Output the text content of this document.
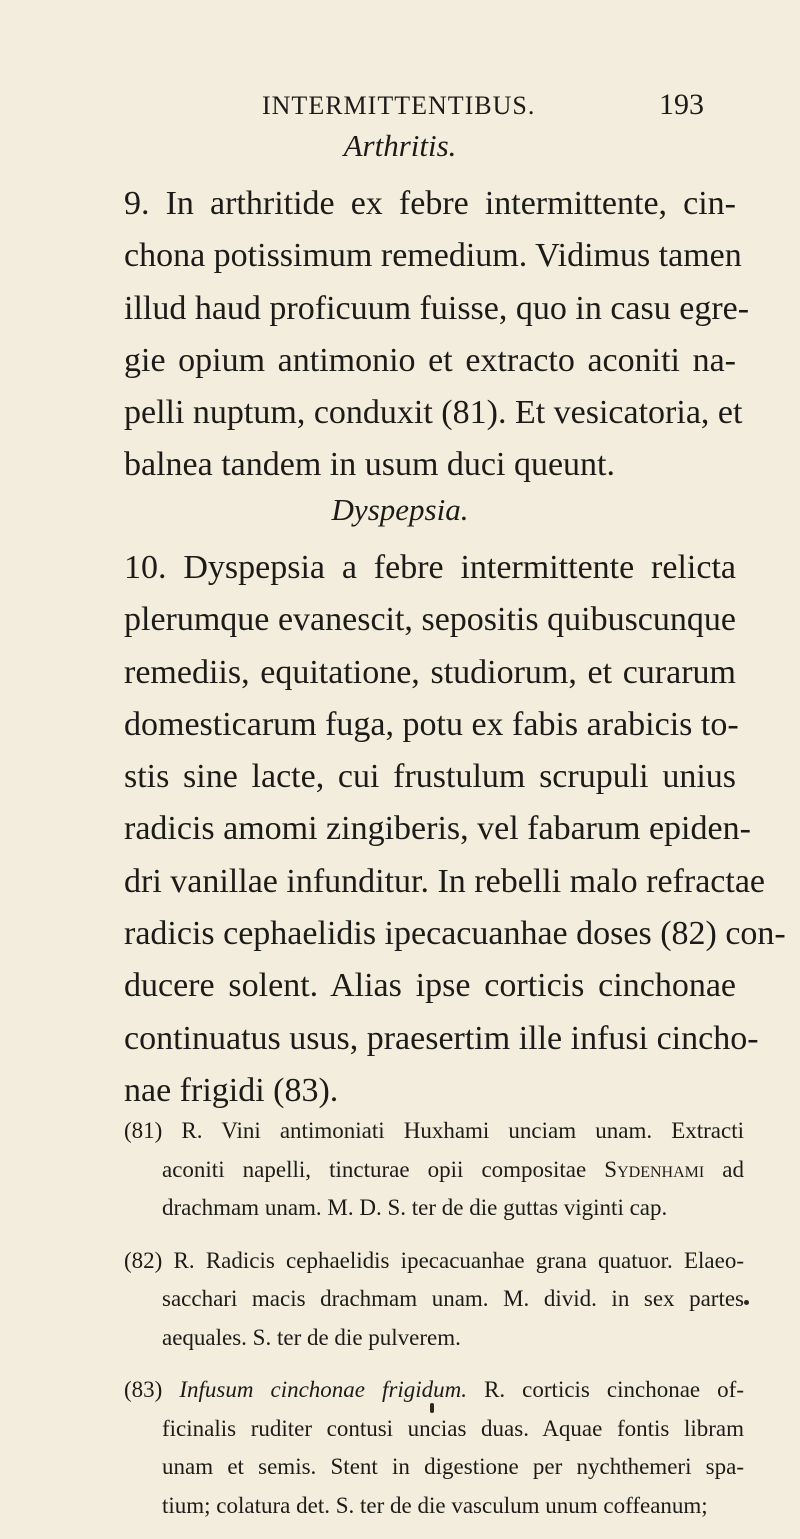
INTERMITTENTIBUS.	193
Arthritis.
9. In arthritide ex febre intermittente, cin-
chona potissimum remedium. Vidimus tamen
illud haud proficuum fuisse, quo in casu egre-
gie opium antimonio et extracto aconiti na-
pelli nuptum, conduxit (81). Et vesicatoria, et
balnea tandem in usum duci queunt.
Dyspepsia.
10. Dyspepsia a febre intermittente relicta
plerumque evanescit, sepositis quibuscunque
remediis, equitatione, studiorum, et curarum
domesticarum fuga, potu ex fabis arabicis to-
stis sine lacte, cui frustulum scrupuli unius
radicis amomi zingiberis, vel fabarum epiden-
dri vanillae infunditur. In rebelli malo refractae
radicis cephaelidis ipecacuanhae doses (82) con-
ducere solent. Alias ipse corticis cinchonae
continuatus usus, praesertim ille infusi cincho-
nae frigidi (83).
(81) R. Vini antimoniati Huxhami unciam unam. Extracti
aconiti napelli, tincturae opii compositae Sydenhami ad
drachmam unam. M. D. S. ter de die guttas viginti cap.
(82) R. Radicis cephaelidis ipecacuanhae grana quatuor. Elaeo-
sacchari macis drachmam unam. M. divid. in sex partes
aequales. S. ter de die pulverem.
(83) Infusum cinchonae frigidum. R. corticis cinchonae of-
ficinalis ruditer contusi uncias duas. Aquae fontis libram
unam et semis. Stent in digestione per nychthemeri spa-
tium; colatura det. S. ter de die vasculum unum coffeanum;
